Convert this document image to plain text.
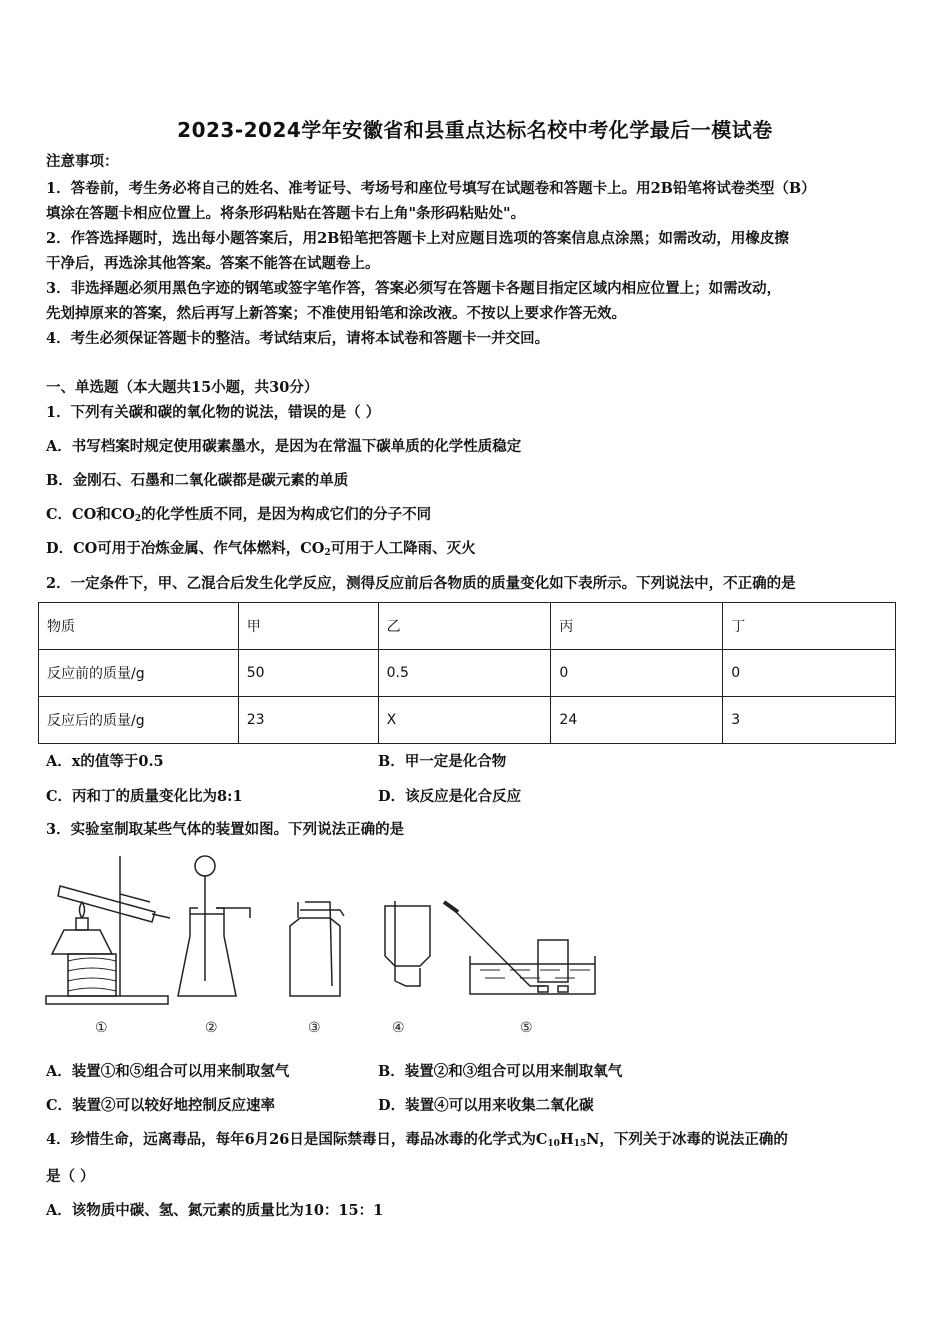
2023-2024学年安徽省和县重点达标名校中考化学最后一模试卷
注意事项：
1．答卷前，考生务必将自己的姓名、准考证号、考场号和座位号填写在试题卷和答题卡上。用2B铅笔将试卷类型（B）
填涂在答题卡相应位置上。将条形码粘贴在答题卡右上角"条形码粘贴处"。
2．作答选择题时，选出每小题答案后，用2B铅笔把答题卡上对应题目选项的答案信息点涂黑；如需改动，用橡皮擦
干净后，再选涂其他答案。答案不能答在试题卷上。
3．非选择题必须用黑色字迹的钢笔或签字笔作答，答案必须写在答题卡各题目指定区域内相应位置上；如需改动，
先划掉原来的答案，然后再写上新答案；不准使用铅笔和涂改液。不按以上要求作答无效。
4．考生必须保证答题卡的整洁。考试结束后，请将本试卷和答题卡一并交回。
一、单选题（本大题共15小题，共30分）
1．下列有关碳和碳的氧化物的说法，错误的是（ ）
A．书写档案时规定使用碳素墨水，是因为在常温下碳单质的化学性质稳定
B．金刚石、石墨和二氧化碳都是碳元素的单质
C．CO和$CO_2$的化学性质不同，是因为构成它们的分子不同
D．CO可用于冶炼金属、作气体燃料，$CO_2$可用于人工降雨、灭火
2．一定条件下，甲、乙混合后发生化学反应，测得反应前后各物质的质量变化如下表所示。下列说法中，不正确的是
物质	甲	乙	丙	丁
反应前的质量/g	50	0.5	0	0
反应后的质量/g	23	X	24	3
A．x的值等于0.5	B．甲一定是化合物
C．丙和丁的质量变化比为8:1	D．该反应是化合反应
3．实验室制取某些气体的装置如图。下列说法正确的是
①	②	③	④	⑤
A．装置①和⑤组合可以用来制取氢气	B．装置②和③组合可以用来制取氧气
C．装置②可以较好地控制反应速率	D．装置④可以用来收集二氧化碳
4．珍惜生命，远离毒品，每年6月26日是国际禁毒日，毒品冰毒的化学式为$C_{10}H_{15}N$，下列关于冰毒的说法正确的
是（ ）
A．该物质中碳、氢、氮元素的质量比为10：15：1
